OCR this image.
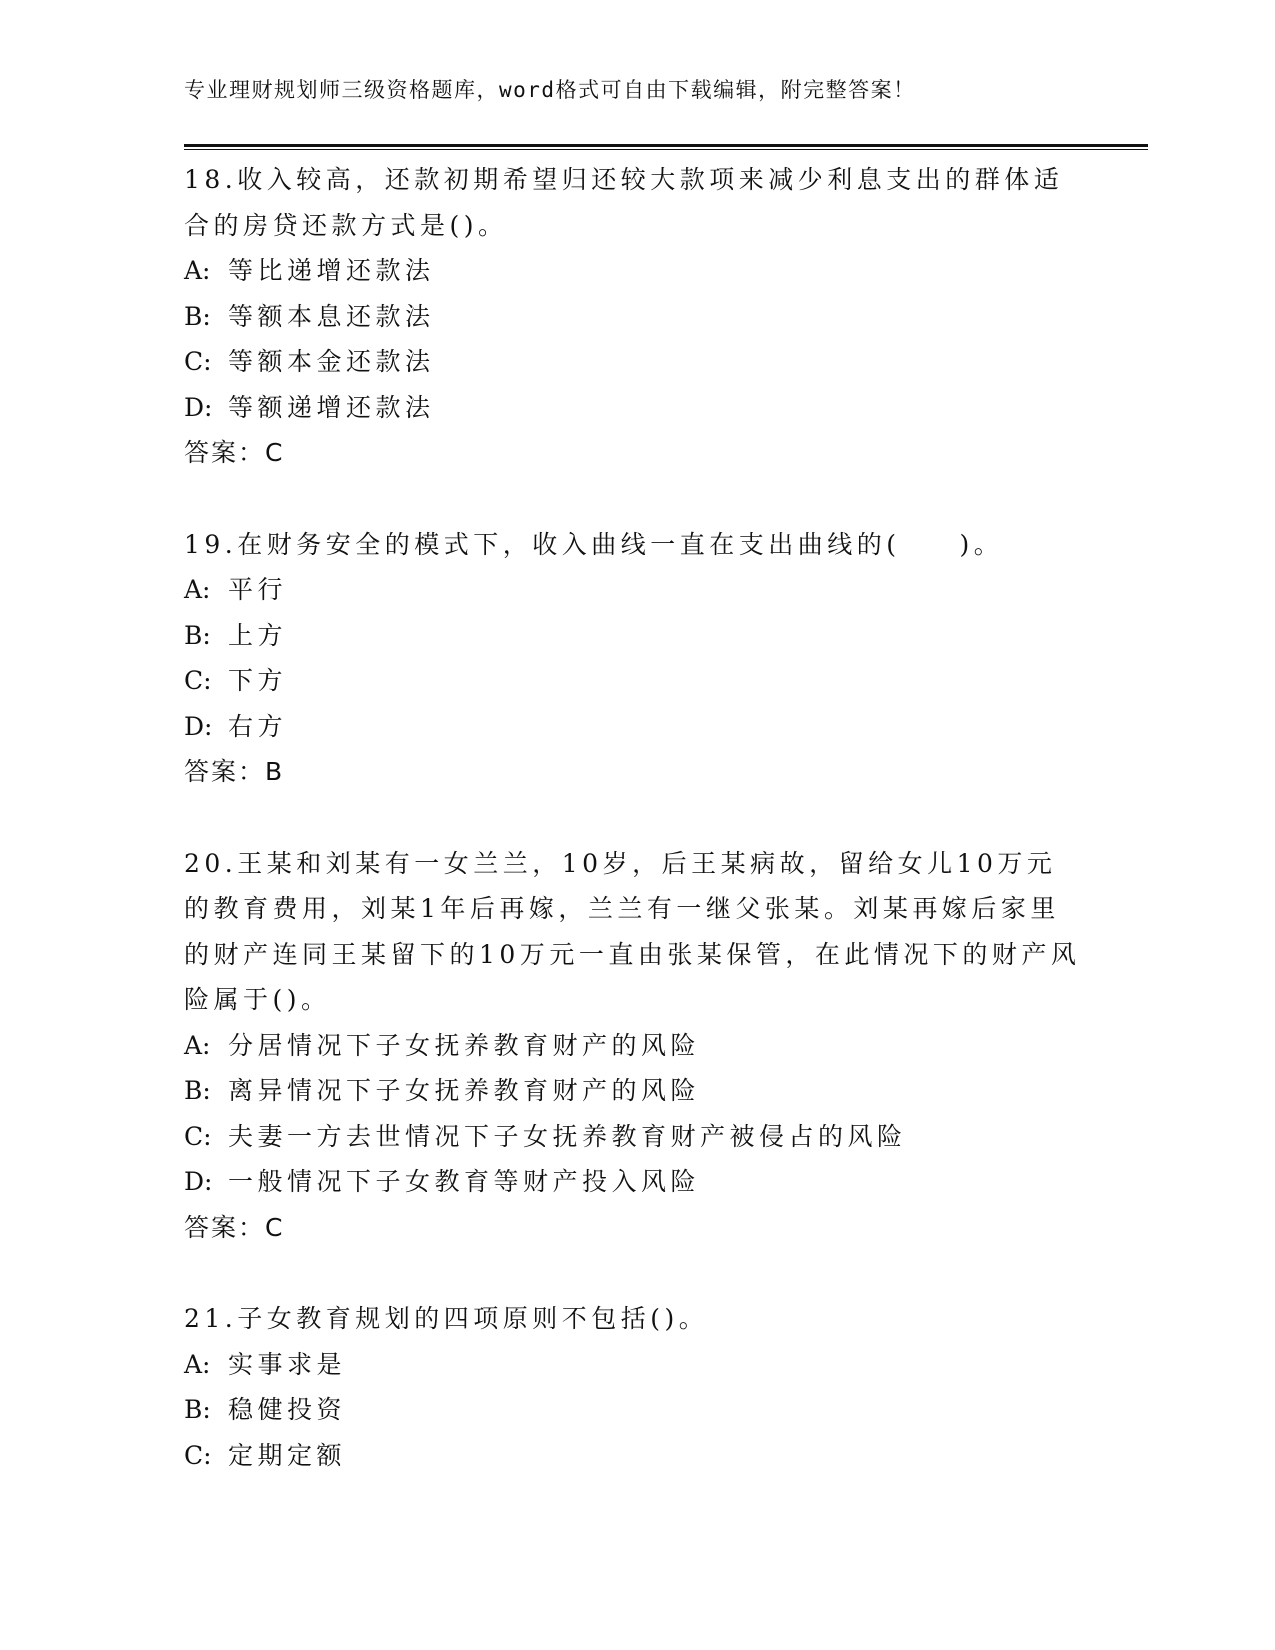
专业理财规划师三级资格题库，word格式可自由下载编辑，附完整答案！

18.收入较高，还款初期希望归还较大款项来减少利息支出的群体适合的房贷还款方式是()。

A: 等比递增还款法

B: 等额本息还款法

C: 等额本金还款法

D: 等额递增还款法

答案：C

19.在财务安全的模式下，收入曲线一直在支出曲线的(　　)。

A: 平行

B: 上方

C: 下方

D: 右方

答案：B

20.王某和刘某有一女兰兰，10岁，后王某病故，留给女儿10万元的教育费用，刘某1年后再嫁，兰兰有一继父张某。刘某再嫁后家里的财产连同王某留下的10万元一直由张某保管，在此情况下的财产风险属于()。

A: 分居情况下子女抚养教育财产的风险

B: 离异情况下子女抚养教育财产的风险

C: 夫妻一方去世情况下子女抚养教育财产被侵占的风险

D: 一般情况下子女教育等财产投入风险

答案：C

21.子女教育规划的四项原则不包括()。

A: 实事求是

B: 稳健投资

C: 定期定额
